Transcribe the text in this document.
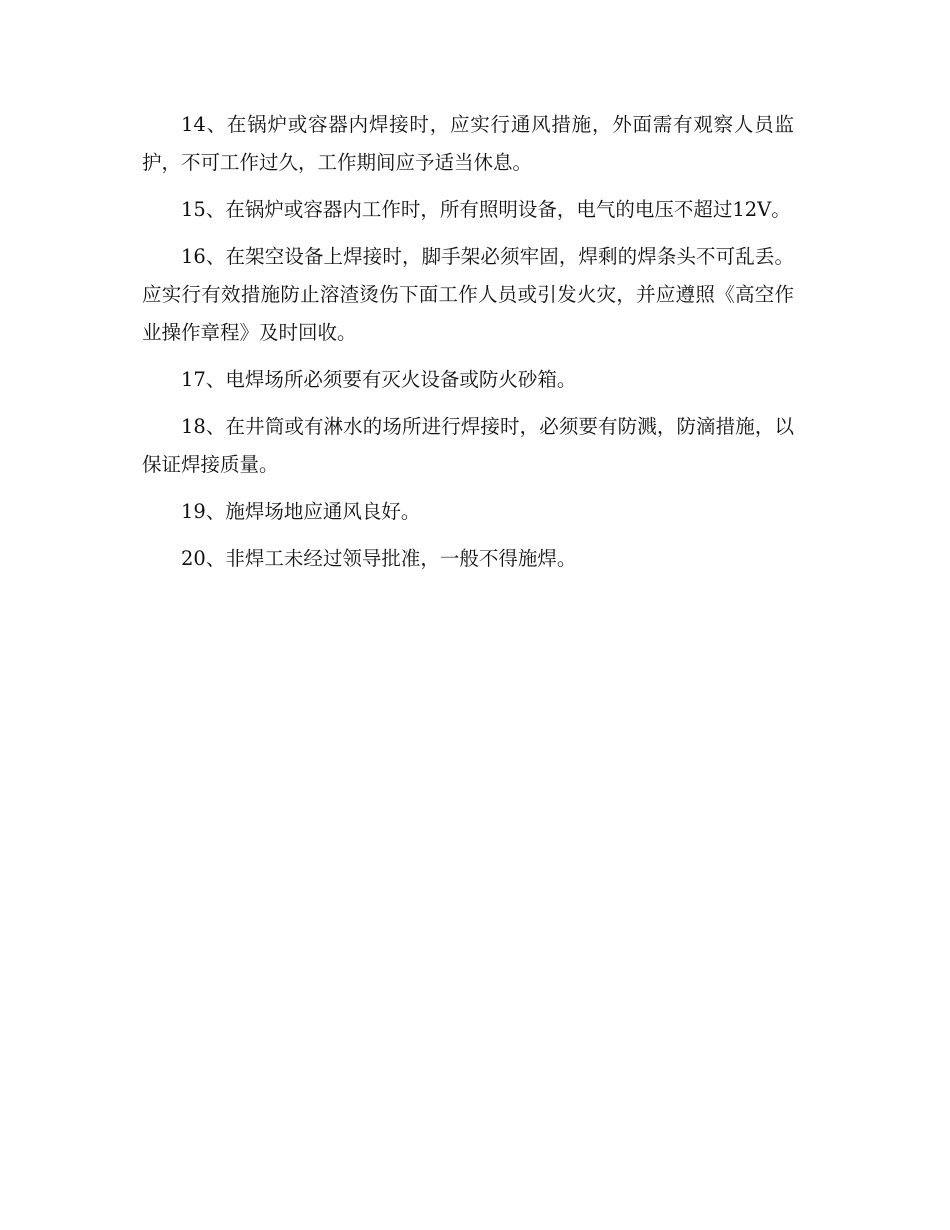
14、在锅炉或容器内焊接时，应实行通风措施，外面需有观察人员监护，不可工作过久，工作期间应予适当休息。

15、在锅炉或容器内工作时，所有照明设备，电气的电压不超过12V。

16、在架空设备上焊接时，脚手架必须牢固，焊剩的焊条头不可乱丢。应实行有效措施防止溶渣烫伤下面工作人员或引发火灾，并应遵照《高空作业操作章程》及时回收。

17、电焊场所必须要有灭火设备或防火砂箱。

18、在井筒或有淋水的场所进行焊接时，必须要有防溅，防滴措施，以保证焊接质量。

19、施焊场地应通风良好。

20、非焊工未经过领导批准，一般不得施焊。
